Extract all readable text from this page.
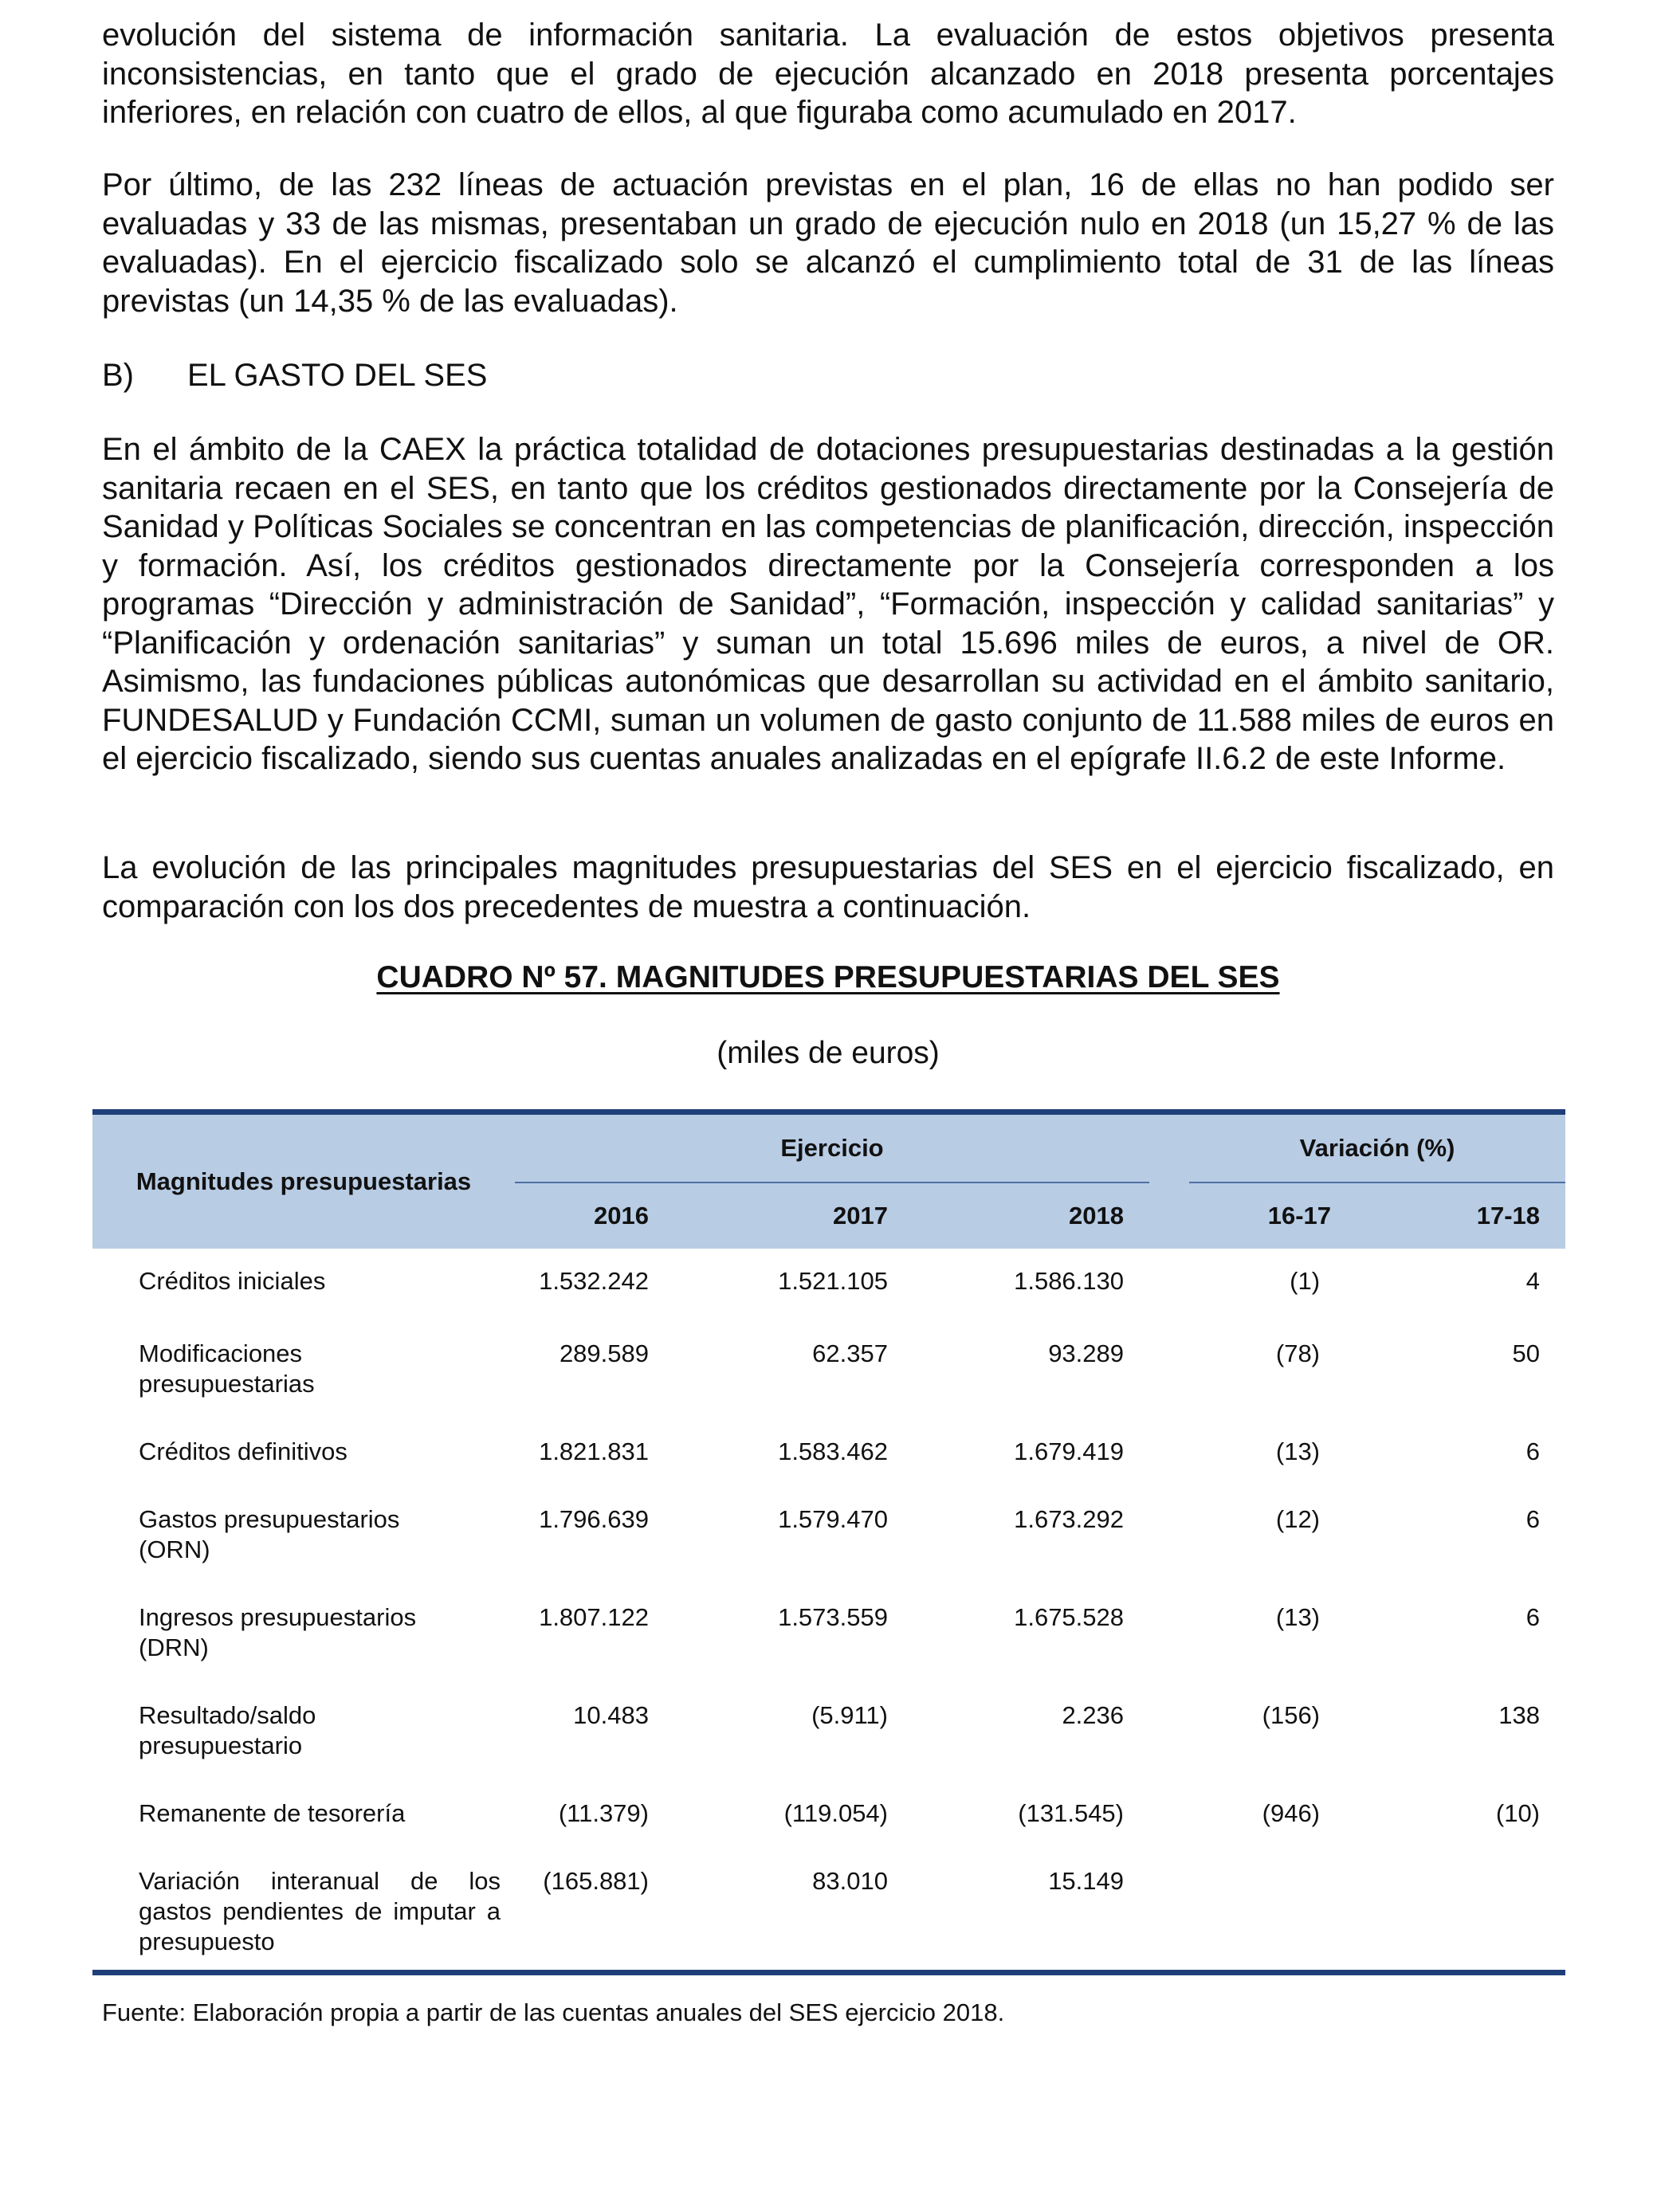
evolución del sistema de información sanitaria. La evaluación de estos objetivos presenta inconsistencias, en tanto que el grado de ejecución alcanzado en 2018 presenta porcentajes inferiores, en relación con cuatro de ellos, al que figuraba como acumulado en 2017.

Por último, de las 232 líneas de actuación previstas en el plan, 16 de ellas no han podido ser evaluadas y 33 de las mismas, presentaban un grado de ejecución nulo en 2018 (un 15,27 % de las evaluadas). En el ejercicio fiscalizado solo se alcanzó el cumplimiento total de 31 de las líneas previstas (un 14,35 % de las evaluadas).

B) EL GASTO DEL SES

En el ámbito de la CAEX la práctica totalidad de dotaciones presupuestarias destinadas a la gestión sanitaria recaen en el SES, en tanto que los créditos gestionados directamente por la Consejería de Sanidad y Políticas Sociales se concentran en las competencias de planificación, dirección, inspección y formación. Así, los créditos gestionados directamente por la Consejería corresponden a los programas “Dirección y administración de Sanidad”, “Formación, inspección y calidad sanitarias” y “Planificación y ordenación sanitarias” y suman un total 15.696 miles de euros, a nivel de OR. Asimismo, las fundaciones públicas autonómicas que desarrollan su actividad en el ámbito sanitario, FUNDESALUD y Fundación CCMI, suman un volumen de gasto conjunto de 11.588 miles de euros en el ejercicio fiscalizado, siendo sus cuentas anuales analizadas en el epígrafe II.6.2 de este Informe.

La evolución de las principales magnitudes presupuestarias del SES en el ejercicio fiscalizado, en comparación con los dos precedentes de muestra a continuación.

CUADRO Nº 57. MAGNITUDES PRESUPUESTARIAS DEL SES
(miles de euros)
Magnitudes presupuestarias	Ejercicio				Variación (%)	
	2016	2017	2018		16-17	17-18
Créditos iniciales	1.532.242	1.521.105	1.586.130		(1)	4
Modificaciones presupuestarias	289.589	62.357	93.289		(78)	50
Créditos definitivos	1.821.831	1.583.462	1.679.419		(13)	6
Gastos presupuestarios (ORN)	1.796.639	1.579.470	1.673.292		(12)	6
Ingresos presupuestarios (DRN)	1.807.122	1.573.559	1.675.528		(13)	6
Resultado/saldo presupuestario	10.483	(5.911)	2.236		(156)	138
Remanente de tesorería	(11.379)	(119.054)	(131.545)		(946)	(10)
Variación interanual de los gastos pendientes de imputar a presupuesto	(165.881)	83.010	15.149			
Fuente: Elaboración propia a partir de las cuentas anuales del SES ejercicio 2018.
